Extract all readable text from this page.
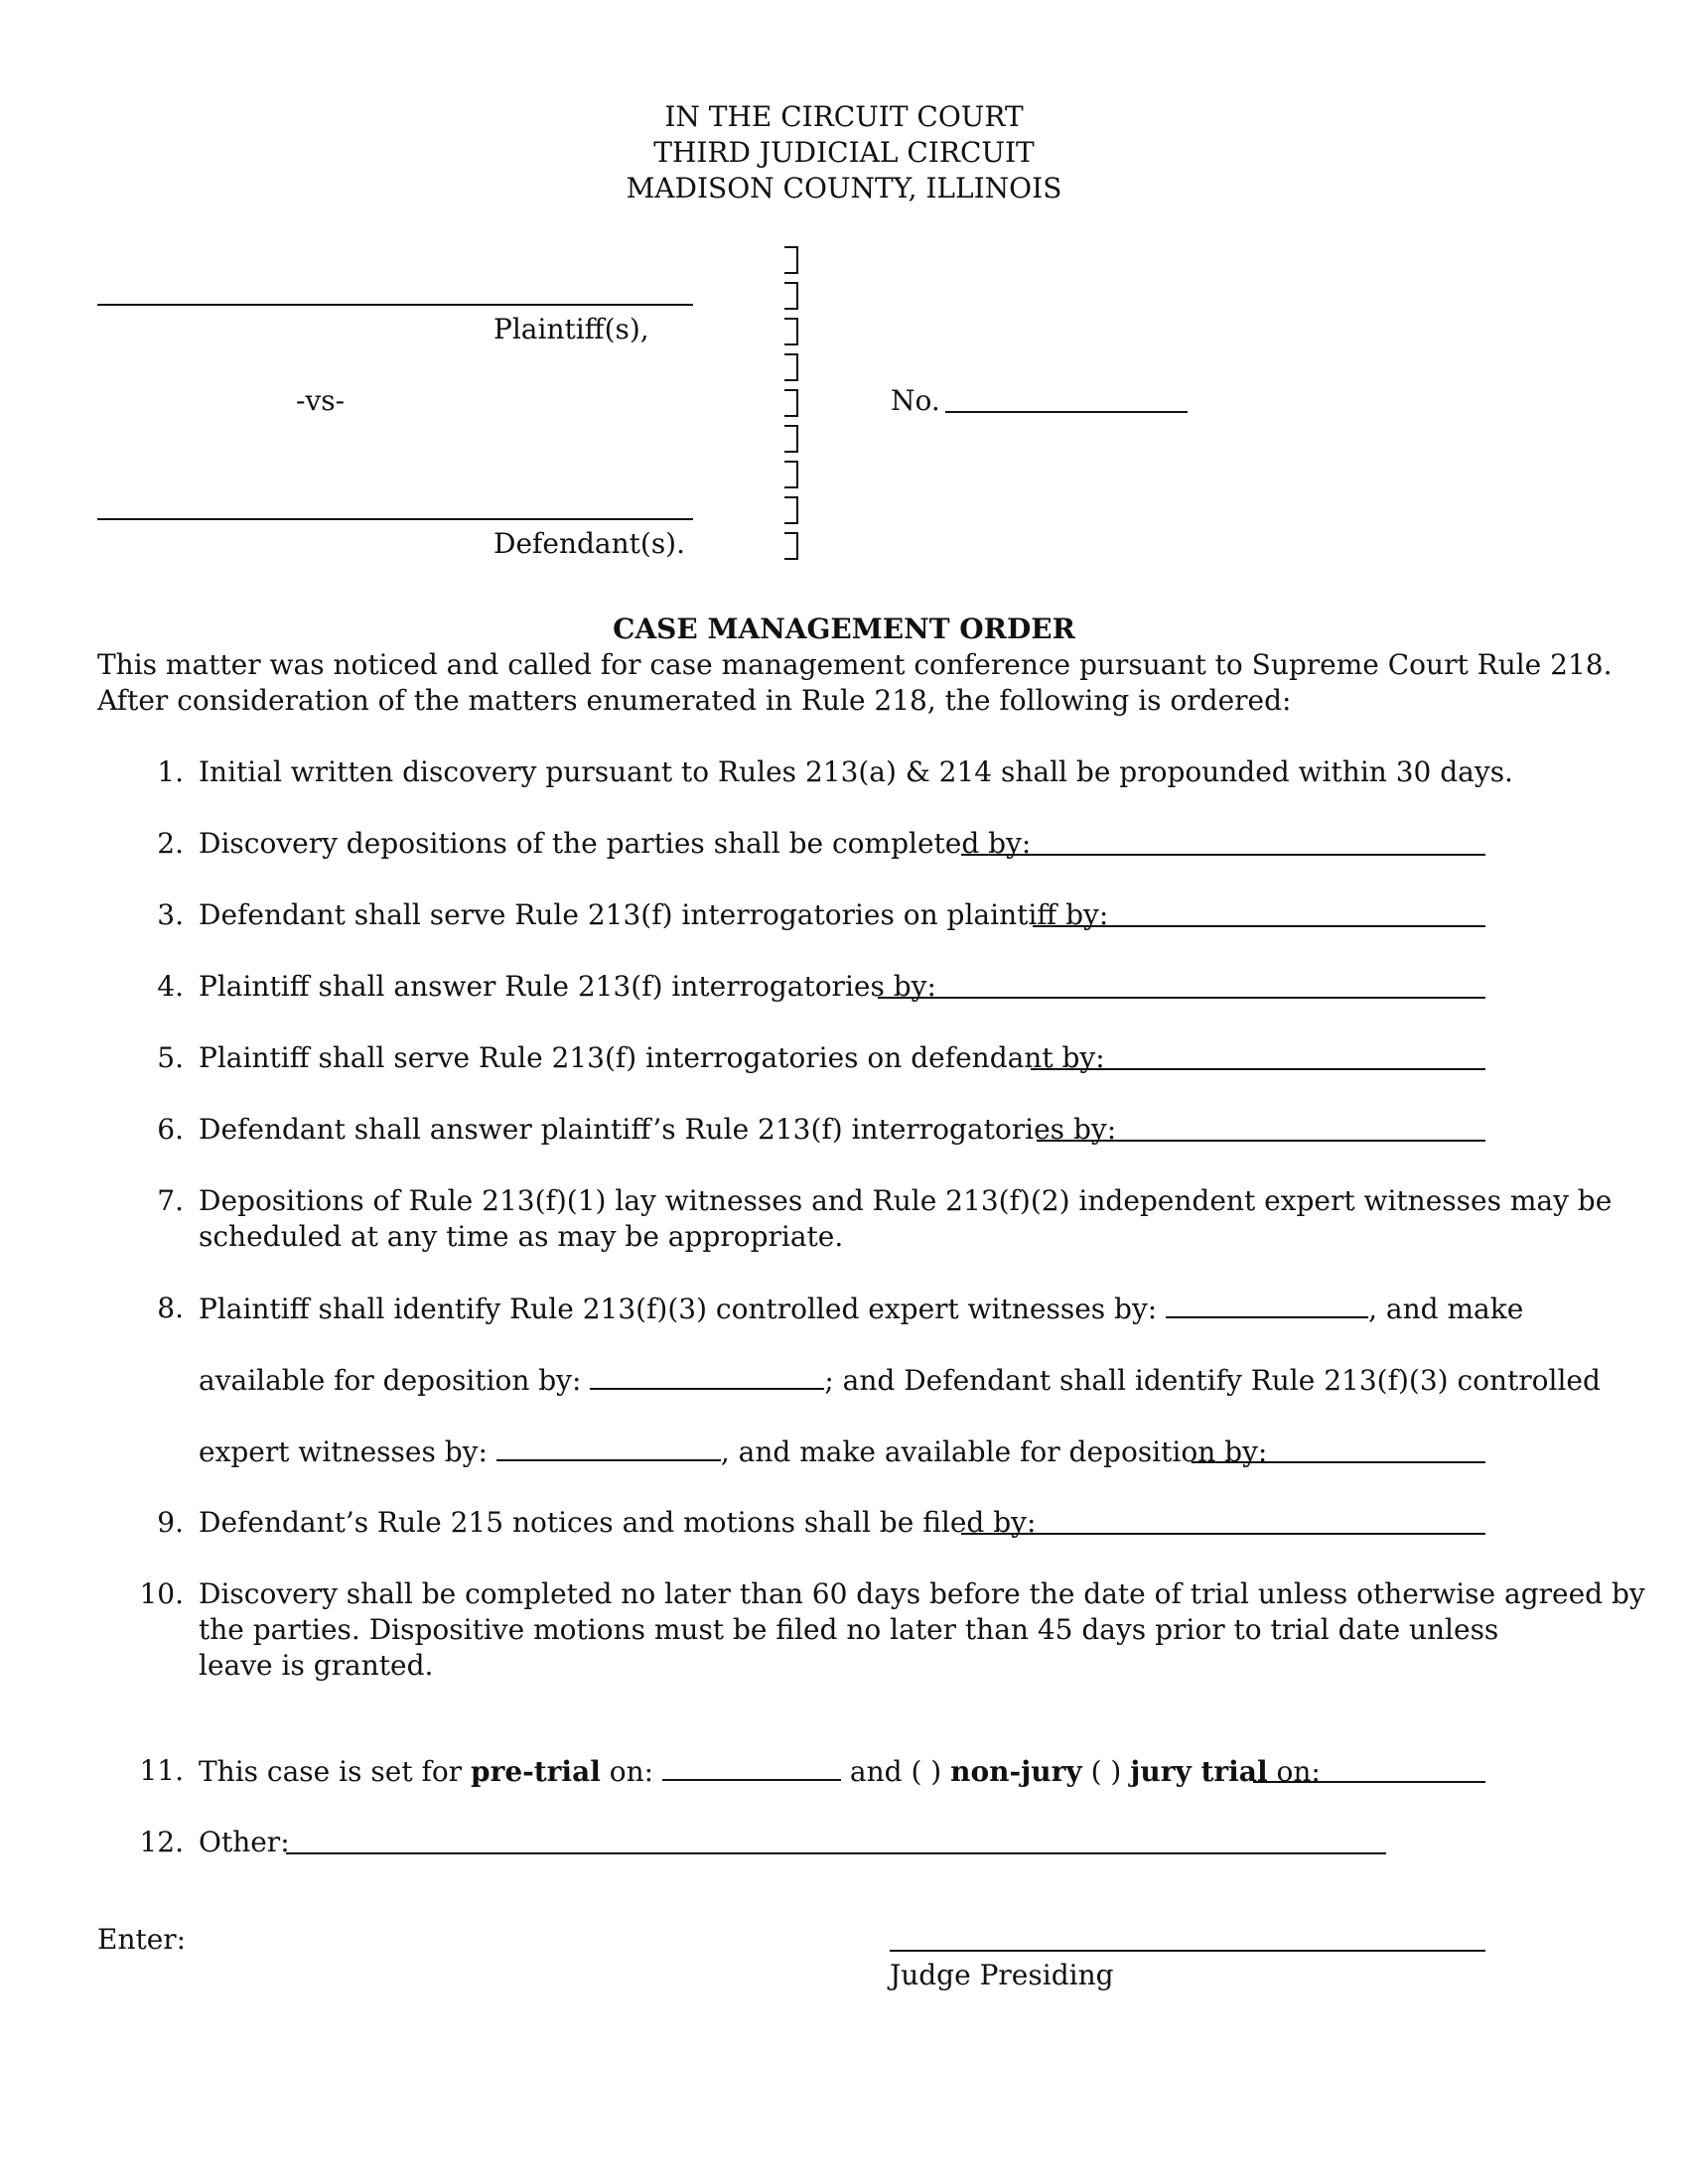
IN THE CIRCUIT COURT
THIRD JUDICIAL CIRCUIT
MADISON COUNTY, ILLINOIS
Plaintiff(s),
-vs-
Defendant(s).
No.
CASE MANAGEMENT ORDER
This matter was noticed and called for case management conference pursuant to Supreme Court Rule 218.
After consideration of the matters enumerated in Rule 218, the following is ordered:
1. Initial written discovery pursuant to Rules 213(a) & 214 shall be propounded within 30 days.
2. Discovery depositions of the parties shall be completed by:
3. Defendant shall serve Rule 213(f) interrogatories on plaintiff by:
4. Plaintiff shall answer Rule 213(f) interrogatories by:
5. Plaintiff shall serve Rule 213(f) interrogatories on defendant by:
6. Defendant shall answer plaintiff’s Rule 213(f) interrogatories by:
7. Depositions of Rule 213(f)(1) lay witnesses and Rule 213(f)(2) independent expert witnesses may be
scheduled at any time as may be appropriate.
8. Plaintiff shall identify Rule 213(f)(3) controlled expert witnesses by:	, and make
available for deposition by:	; and Defendant shall identify Rule 213(f)(3) controlled
expert witnesses by:	, and make available for deposition by:
9. Defendant’s Rule 215 notices and motions shall be filed by:
10. Discovery shall be completed no later than 60 days before the date of trial unless otherwise agreed by
the parties. Dispositive motions must be filed no later than 45 days prior to trial date unless
leave is granted.
11. This case is set for pre-trial on:	and ( ) non-jury ( ) jury trial on:
12. Other:
Enter:
Judge Presiding
